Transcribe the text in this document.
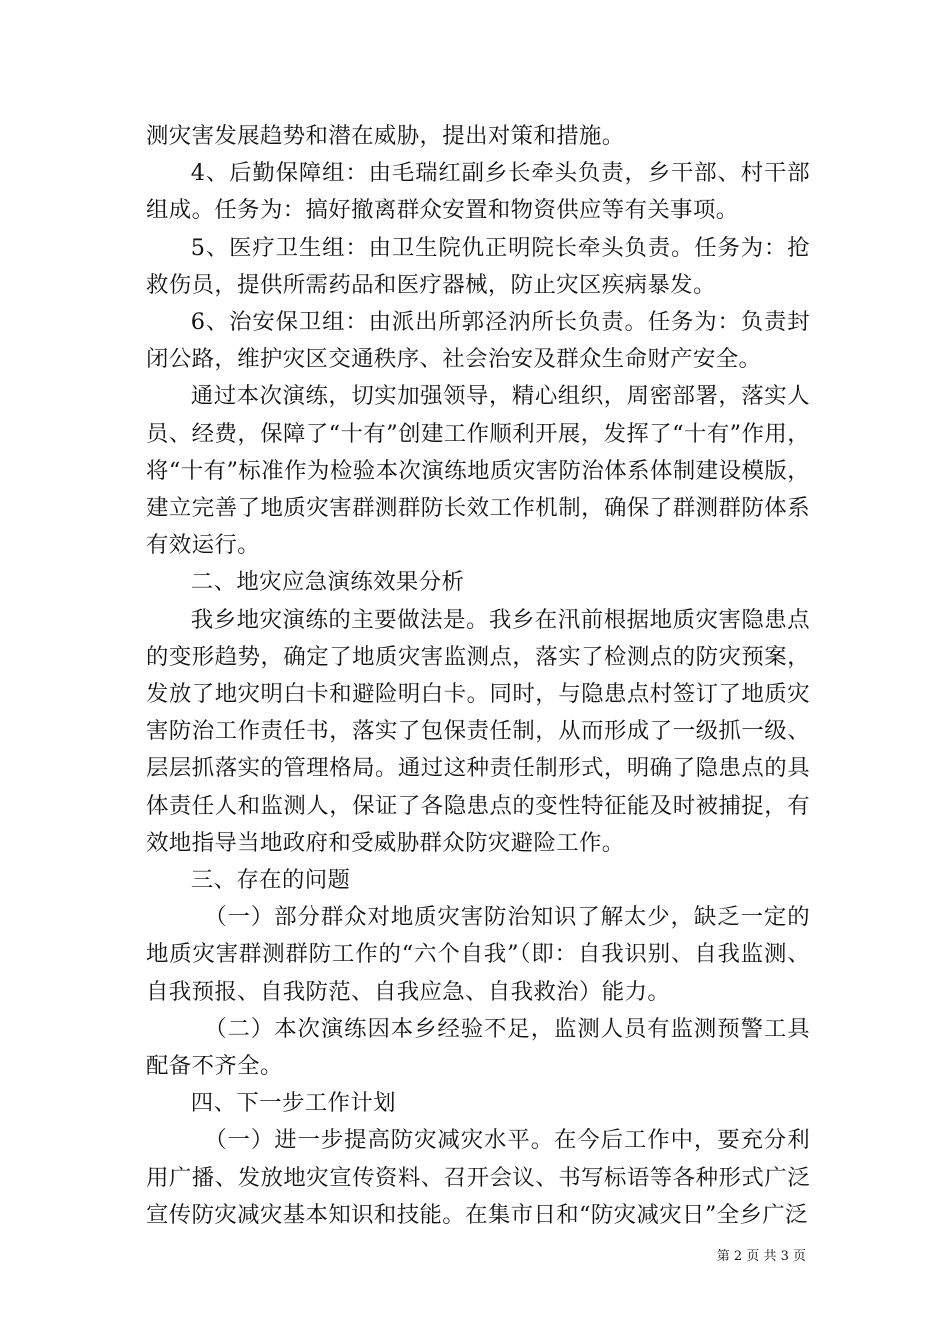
测灾害发展趋势和潜在威胁，提出对策和措施。

4、后勤保障组：由毛瑞红副乡长牵头负责，乡干部、村干部组成。任务为：搞好撤离群众安置和物资供应等有关事项。

5、医疗卫生组：由卫生院仇正明院长牵头负责。任务为：抢救伤员，提供所需药品和医疗器械，防止灾区疾病暴发。

6、治安保卫组：由派出所郭泾汭所长负责。任务为：负责封闭公路，维护灾区交通秩序、社会治安及群众生命财产安全。

通过本次演练，切实加强领导，精心组织，周密部署，落实人员、经费，保障了“十有”创建工作顺利开展，发挥了“十有”作用，将“十有”标准作为检验本次演练地质灾害防治体系体制建设模版，建立完善了地质灾害群测群防长效工作机制，确保了群测群防体系有效运行。

二、地灾应急演练效果分析

我乡地灾演练的主要做法是。我乡在汛前根据地质灾害隐患点的变形趋势，确定了地质灾害监测点，落实了检测点的防灾预案，发放了地灾明白卡和避险明白卡。同时，与隐患点村签订了地质灾害防治工作责任书，落实了包保责任制，从而形成了一级抓一级、层层抓落实的管理格局。通过这种责任制形式，明确了隐患点的具体责任人和监测人，保证了各隐患点的变性特征能及时被捕捉，有效地指导当地政府和受威胁群众防灾避险工作。

三、存在的问题

（一）部分群众对地质灾害防治知识了解太少，缺乏一定的地质灾害群测群防工作的“六个自我”（即：自我识别、自我监测、自我预报、自我防范、自我应急、自我救治）能力。

（二）本次演练因本乡经验不足，监测人员有监测预警工具配备不齐全。

四、下一步工作计划

（一）进一步提高防灾减灾水平。在今后工作中，要充分利用广播、发放地灾宣传资料、召开会议、书写标语等各种形式广泛宣传防灾减灾基本知识和技能。在集市日和“防灾减灾日”全乡广泛

第 2 页 共 3 页
